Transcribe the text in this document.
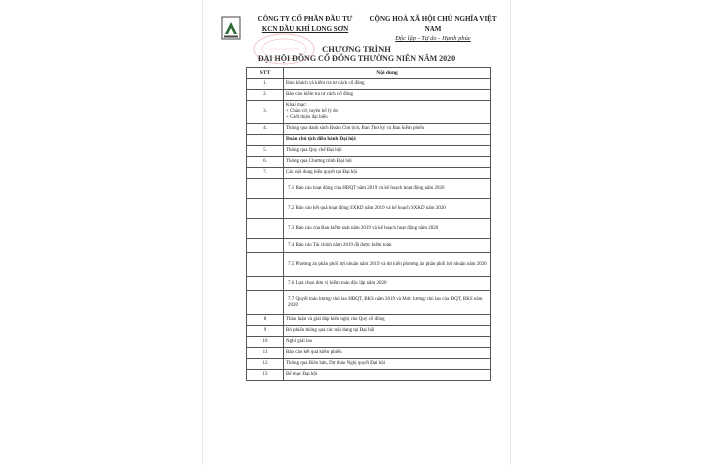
CÔNG TY CỔ PHẦN ĐẦU TƯ
KCN DẦU KHÍ LONG SƠN
CỘNG HOÀ XÃ HỘI CHỦ NGHĨA VIỆT NAM
Độc lập - Tự do - Hạnh phúc
CHƯƠNG TRÌNH
ĐẠI HỘI ĐỒNG CỔ ĐÔNG THƯỜNG NIÊN NĂM 2020
STT	Nội dung
1.	Đón khách và kiểm tra tư cách cổ đông
2.	Báo cáo kiểm tra tư cách cổ đông
3.	Khai mạc:
+ Chào cờ, tuyên bố lý do
+ Giới thiệu đại biểu

4.	Thông qua danh sách Đoàn Chủ tịch, Ban Thư ký và Ban kiểm phiếu
	Đoàn chủ tịch điều hành Đại hội:
5.	Thông qua Quy chế Đại hội
6.	Thông qua Chương trình Đại hội
7.	Các nội dung biểu quyết tại Đại hội
	7.1 Báo cáo hoạt động của HĐQT năm 2019 và kế hoạch hoạt động năm 2020
	7.2 Báo cáo kết quả hoạt động SXKD năm 2019 và kế hoạch SXKD năm 2020
	7.3 Báo cáo của Ban kiểm soát năm 2019 và kế hoạch hoạt động năm 2020
	7.4 Báo cáo Tài chính năm 2019 đã được kiểm toán
	7.5 Phương án phân phối lợi nhuận năm 2019 và dự kiến phương án phân phối lợi nhuận năm 2020
	7.6 Lựa chọn đơn vị kiểm toán độc lập năm 2020
	7.7 Quyết toán lương/ thù lao HĐQT, BKS năm 2019 và Mức lương/ thù lao của ĐQT, BKS năm 2020
8	Thảo luận và giải đáp kiến nghị của Quý cổ đông
9	Bỏ phiếu thông qua các nội dung tại Đại hội
10	Nghỉ giải lao
11	Báo cáo kết quả kiểm phiếu
12	Thông qua Biên bản, Dự thảo Nghị quyết Đại hội
13	Bế mạc Đại hội
